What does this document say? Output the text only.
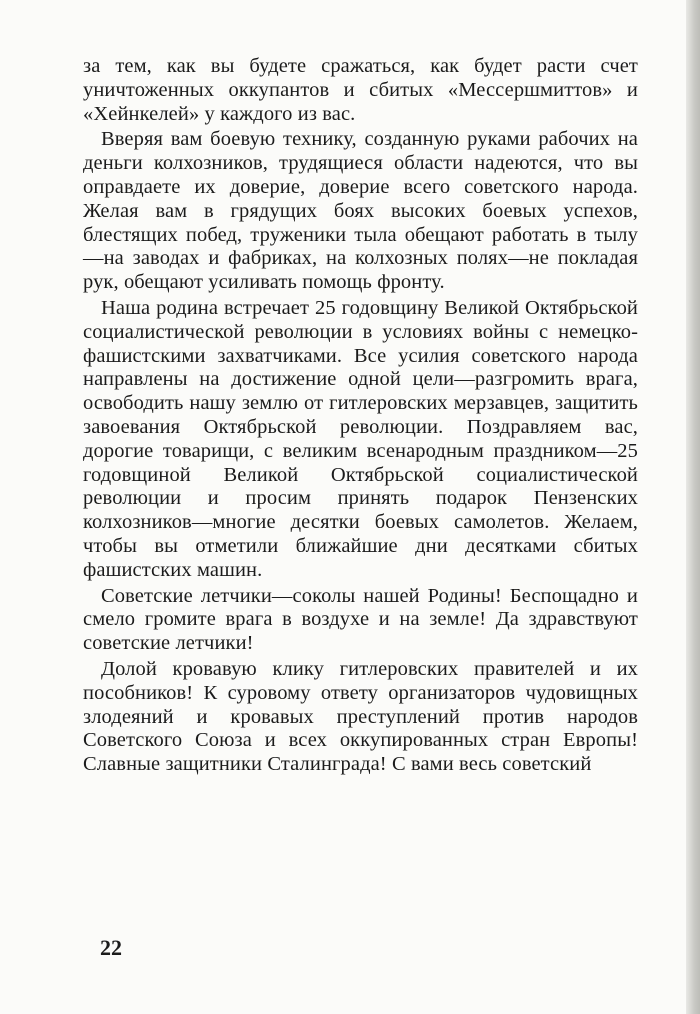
за тем, как вы будете сражаться, как будет расти счет уничтоженных оккупантов и сбитых «Мессершмиттов» и «Хейнкелей» у каждого из вас.

Вверяя вам боевую технику, созданную руками рабочих на деньги колхозников, трудящиеся области надеются, что вы оправдаете их доверие, доверие всего советского народа. Желая вам в грядущих боях высоких боевых успехов, блестящих побед, труженики тыла обещают работать в тылу—на заводах и фабриках, на колхозных полях—не покладая рук, обещают усиливать помощь фронту.

Наша родина встречает 25 годовщину Великой Октябрьской социалистической революции в условиях войны с немецко-фашистскими захватчиками. Все усилия советского народа направлены на достижение одной цели—разгромить врага, освободить нашу землю от гитлеровских мерзавцев, защитить завоевания Октябрьской революции. Поздравляем вас, дорогие товарищи, с великим всенародным праздником—25 годовщиной Великой Октябрьской социалистической революции и просим принять подарок Пензенских колхозников—многие десятки боевых самолетов. Желаем, чтобы вы отметили ближайшие дни десятками сбитых фашистских машин.

Советские летчики—соколы нашей Родины! Беспощадно и смело громите врага в воздухе и на земле! Да здравствуют советские летчики!

Долой кровавую клику гитлеровских правителей и их пособников! К суровому ответу организаторов чудовищных злодеяний и кровавых преступлений против народов Советского Союза и всех оккупированных стран Европы! Славные защитники Сталинграда! С вами весь советский

22
